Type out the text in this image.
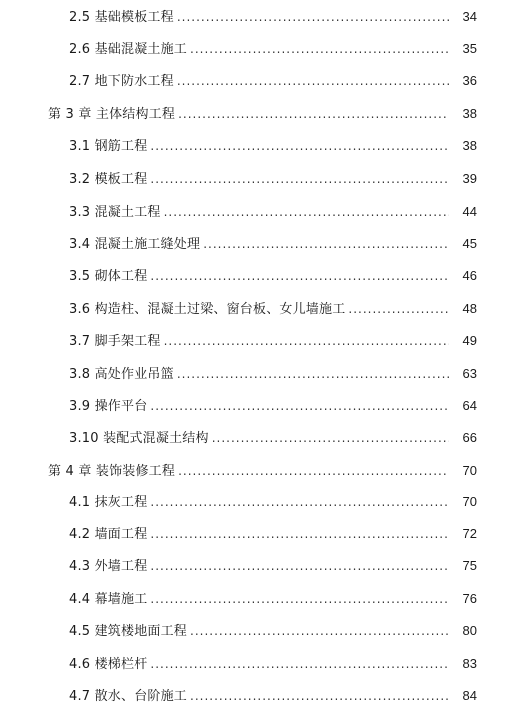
2.5 基础模板工程 .....	34
2.6 基础混凝土施工 .....	35
2.7 地下防水工程 .....	36
第 3 章 主体结构工程 .....	38
3.1 钢筋工程 .....	38
3.2 模板工程 .....	39
3.3 混凝土工程 .....	44
3.4 混凝土施工缝处理 .....	45
3.5 砌体工程 .....	46
3.6 构造柱、混凝土过梁、窗台板、女儿墙施工 .....	48
3.7 脚手架工程 .....	49
3.8 高处作业吊篮 .....	63
3.9 操作平台 .....	64
3.10 装配式混凝土结构 .....	66
第 4 章 装饰装修工程 .....	70
4.1 抹灰工程 .....	70
4.2 墙面工程 .....	72
4.3 外墙工程 .....	75
4.4 幕墙施工 .....	76
4.5 建筑楼地面工程 .....	80
4.6 楼梯栏杆 .....	83
4.7 散水、台阶施工 .....	84
